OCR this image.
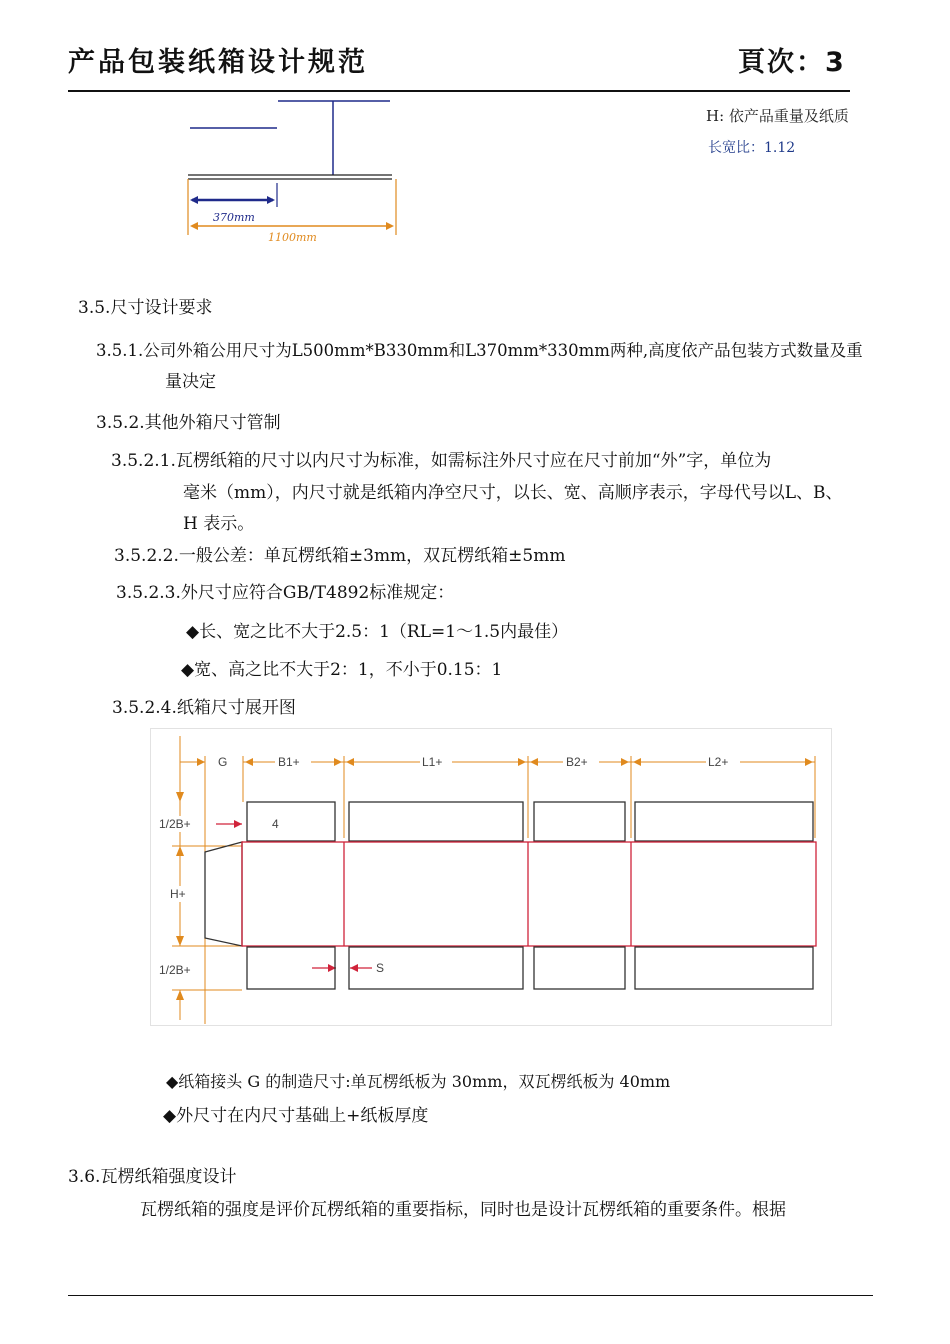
产品包装纸箱设计规范	頁次：3
370mm
1100mm
H: 依产品重量及纸质
长宽比：1.12
3.5.尺寸设计要求
3.5.1.公司外箱公用尺寸为L500mm*B330mm和L370mm*330mm两种,高度依产品包装方式数量及重
量决定
3.5.2.其他外箱尺寸管制
3.5.2.1.瓦楞纸箱的尺寸以内尺寸为标准，如需标注外尺寸应在尺寸前加“外”字，单位为
毫米（mm），内尺寸就是纸箱内净空尺寸，以长、宽、高顺序表示，字母代号以L、B、
H 表示。
3.5.2.2.一般公差：单瓦楞纸箱±3mm，双瓦楞纸箱±5mm
3.5.2.3.外尺寸应符合GB/T4892标准规定：
◆长、宽之比不大于2.5：1（RL=1～1.5内最佳）
◆宽、高之比不大于2：1，不小于0.15：1
3.5.2.4.纸箱尺寸展开图
G	B1+	L1+	B2+	L2+
1/2B+
H+
1/2B+
4
S
◆纸箱接头 G 的制造尺寸:单瓦楞纸板为 30mm，双瓦楞纸板为 40mm
◆外尺寸在内尺寸基础上+纸板厚度
3.6.瓦楞纸箱强度设计
瓦楞纸箱的强度是评价瓦楞纸箱的重要指标，同时也是设计瓦楞纸箱的重要条件。根据
